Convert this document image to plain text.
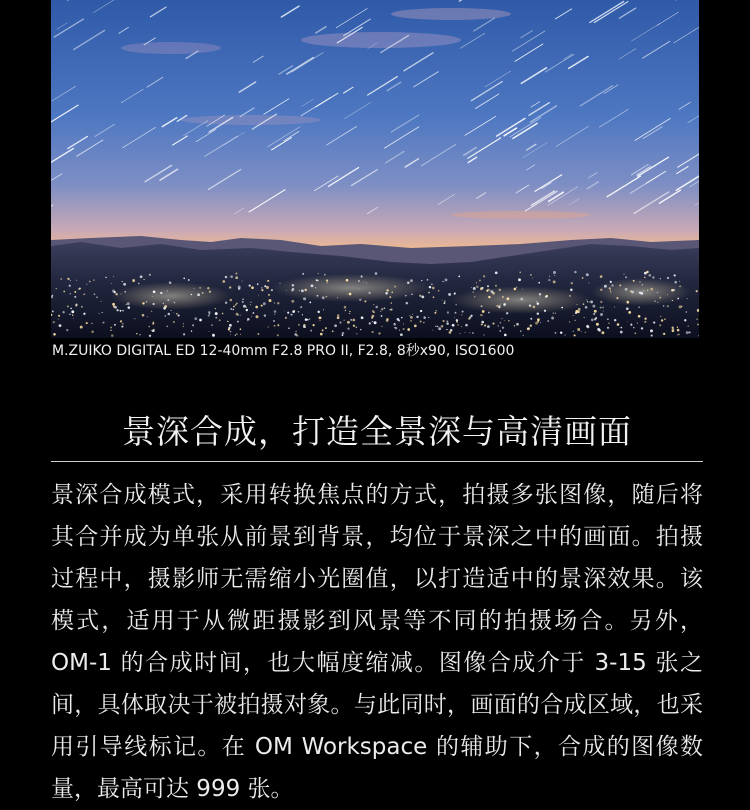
M.ZUIKO DIGITAL ED 12-40mm F2.8 PRO II, F2.8, 8秒x90, ISO1600
景深合成，打造全景深与高清画面
景深合成模式，采用转换焦点的方式，拍摄多张图像，随后将
其合并成为单张从前景到背景，均位于景深之中的画面。拍摄
过程中，摄影师无需缩小光圈值，以打造适中的景深效果。该
模式，适用于从微距摄影到风景等不同的拍摄场合。另外，
OM-1 的合成时间，也大幅度缩减。图像合成介于 3-15 张之
间，具体取决于被拍摄对象。与此同时，画面的合成区域，也采
用引导线标记。在 OM Workspace 的辅助下，合成的图像数
量，最高可达 999 张。
